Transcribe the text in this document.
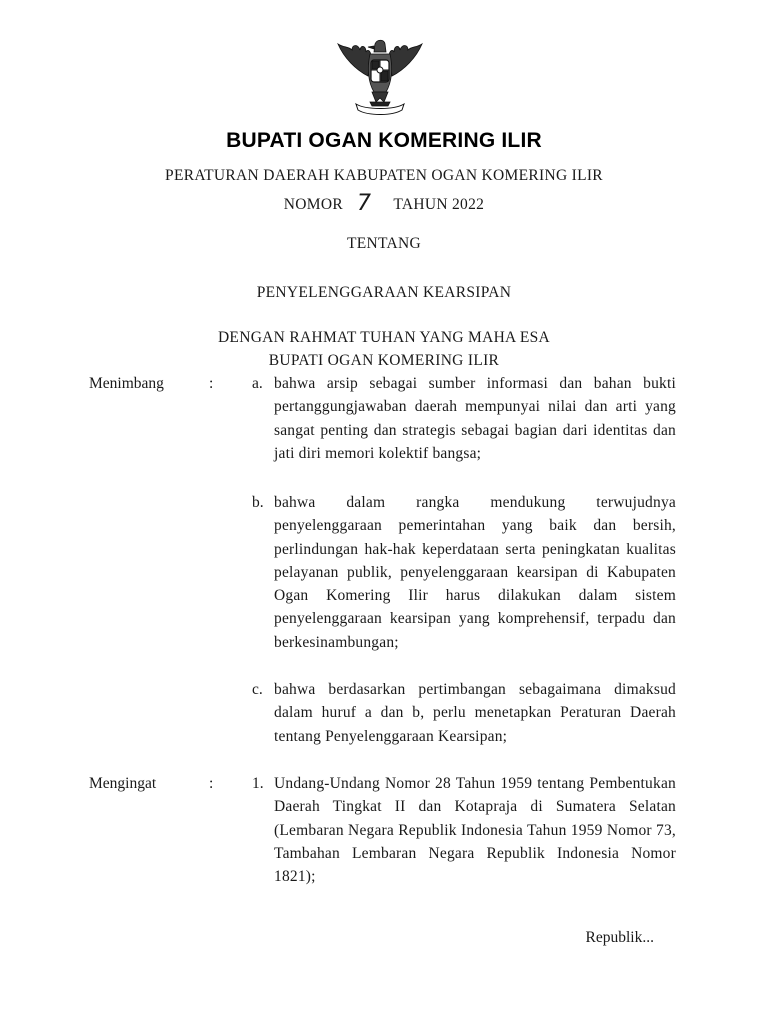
BUPATI OGAN KOMERING ILIR
PERATURAN DAERAH KABUPATEN OGAN KOMERING ILIR
NOMOR 7 TAHUN 2022
TENTANG
PENYELENGGARAAN KEARSIPAN
DENGAN RAHMAT TUHAN YANG MAHA ESA
BUPATI OGAN KOMERING ILIR
Menimbang	: a. bahwa arsip sebagai sumber informasi dan bahan bukti pertanggungjawaban daerah mempunyai nilai dan arti yang sangat penting dan strategis sebagai bagian dari identitas dan jati diri memori kolektif bangsa;
b. bahwa dalam rangka mendukung terwujudnya penyelenggaraan pemerintahan yang baik dan bersih, perlindungan hak-hak keperdataan serta peningkatan kualitas pelayanan publik, penyelenggaraan kearsipan di Kabupaten Ogan Komering Ilir harus dilakukan dalam sistem penyelenggaraan kearsipan yang komprehensif, terpadu dan berkesinambungan;
c. bahwa berdasarkan pertimbangan sebagaimana dimaksud dalam huruf a dan b, perlu menetapkan Peraturan Daerah tentang Penyelenggaraan Kearsipan;
Mengingat	: 1. Undang-Undang Nomor 28 Tahun 1959 tentang Pembentukan Daerah Tingkat II dan Kotapraja di Sumatera Selatan (Lembaran Negara Republik Indonesia Tahun 1959 Nomor 73, Tambahan Lembaran Negara Republik Indonesia Nomor 1821);
Republik...
